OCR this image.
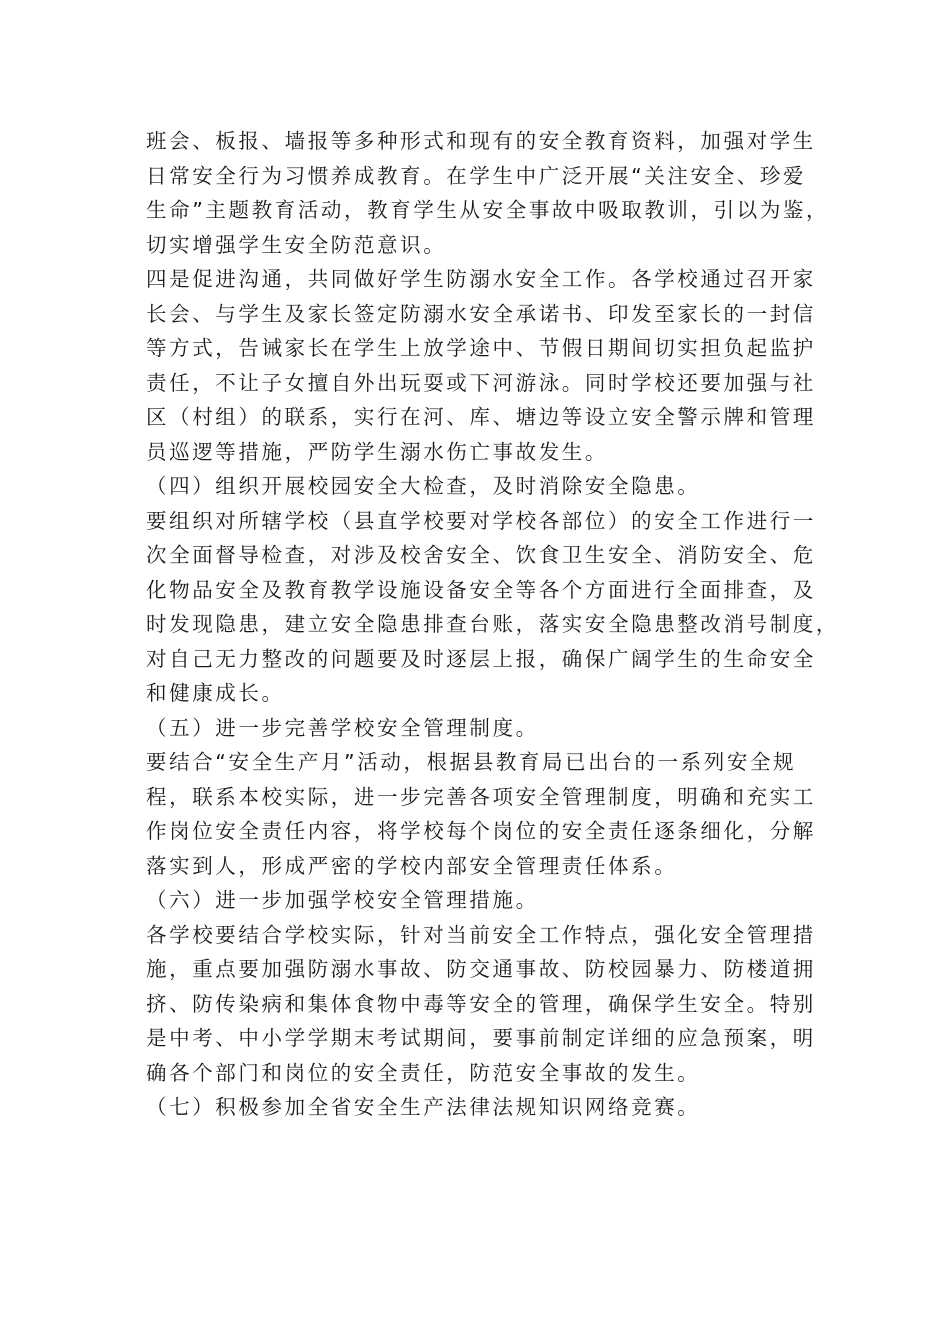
班会、板报、墙报等多种形式和现有的安全教育资料，加强对学生
日常安全行为习惯养成教育。在学生中广泛开展“关注安全、珍爱
生命”主题教育活动，教育学生从安全事故中吸取教训，引以为鉴，
切实增强学生安全防范意识。
四是促进沟通，共同做好学生防溺水安全工作。各学校通过召开家
长会、与学生及家长签定防溺水安全承诺书、印发至家长的一封信
等方式，告诫家长在学生上放学途中、节假日期间切实担负起监护
责任，不让子女擅自外出玩耍或下河游泳。同时学校还要加强与社
区（村组）的联系，实行在河、库、塘边等设立安全警示牌和管理
员巡逻等措施，严防学生溺水伤亡事故发生。
（四）组织开展校园安全大检查，及时消除安全隐患。
要组织对所辖学校（县直学校要对学校各部位）的安全工作进行一
次全面督导检查，对涉及校舍安全、饮食卫生安全、消防安全、危
化物品安全及教育教学设施设备安全等各个方面进行全面排查，及
时发现隐患，建立安全隐患排查台账，落实安全隐患整改消号制度，
对自己无力整改的问题要及时逐层上报，确保广阔学生的生命安全
和健康成长。
（五）进一步完善学校安全管理制度。
要结合“安全生产月”活动，根据县教育局已出台的一系列安全规
程，联系本校实际，进一步完善各项安全管理制度，明确和充实工
作岗位安全责任内容，将学校每个岗位的安全责任逐条细化，分解
落实到人，形成严密的学校内部安全管理责任体系。
（六）进一步加强学校安全管理措施。
各学校要结合学校实际，针对当前安全工作特点，强化安全管理措
施，重点要加强防溺水事故、防交通事故、防校园暴力、防楼道拥
挤、防传染病和集体食物中毒等安全的管理，确保学生安全。特别
是中考、中小学学期末考试期间，要事前制定详细的应急预案，明
确各个部门和岗位的安全责任，防范安全事故的发生。
（七）积极参加全省安全生产法律法规知识网络竞赛。
